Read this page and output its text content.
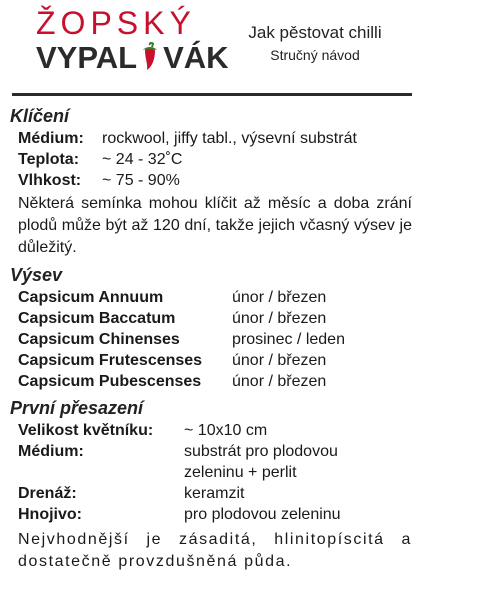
ŽOPSKÝ
VYPAL VÁK
Jak pěstovat chilli
Stručný návod
Klíčení
Médium:	rockwool, jiffy tabl., výsevní substrát
Teplota:	~ 24 - 32˚C
Vlhkost:	~ 75 - 90%
Některá semínka mohou klíčit až měsíc a doba zrání plodů může být až 120 dní, takže jejich včasný výsev je důležitý.
Výsev
Capsicum Annuum	únor / březen
Capsicum Baccatum	únor / březen
Capsicum Chinenses	prosinec / leden
Capsicum Frutescenses	únor / březen
Capsicum Pubescenses	únor / březen
První přesazení
Velikost květníku:	~ 10x10 cm
Médium:	substrát pro plodovou zeleninu + perlit
Drenáž:	keramzit
Hnojivo:	pro plodovou zeleninu
Nejvhodnější je zásaditá, hlinitopíscitá a dostatečně provzdušněná půda.
